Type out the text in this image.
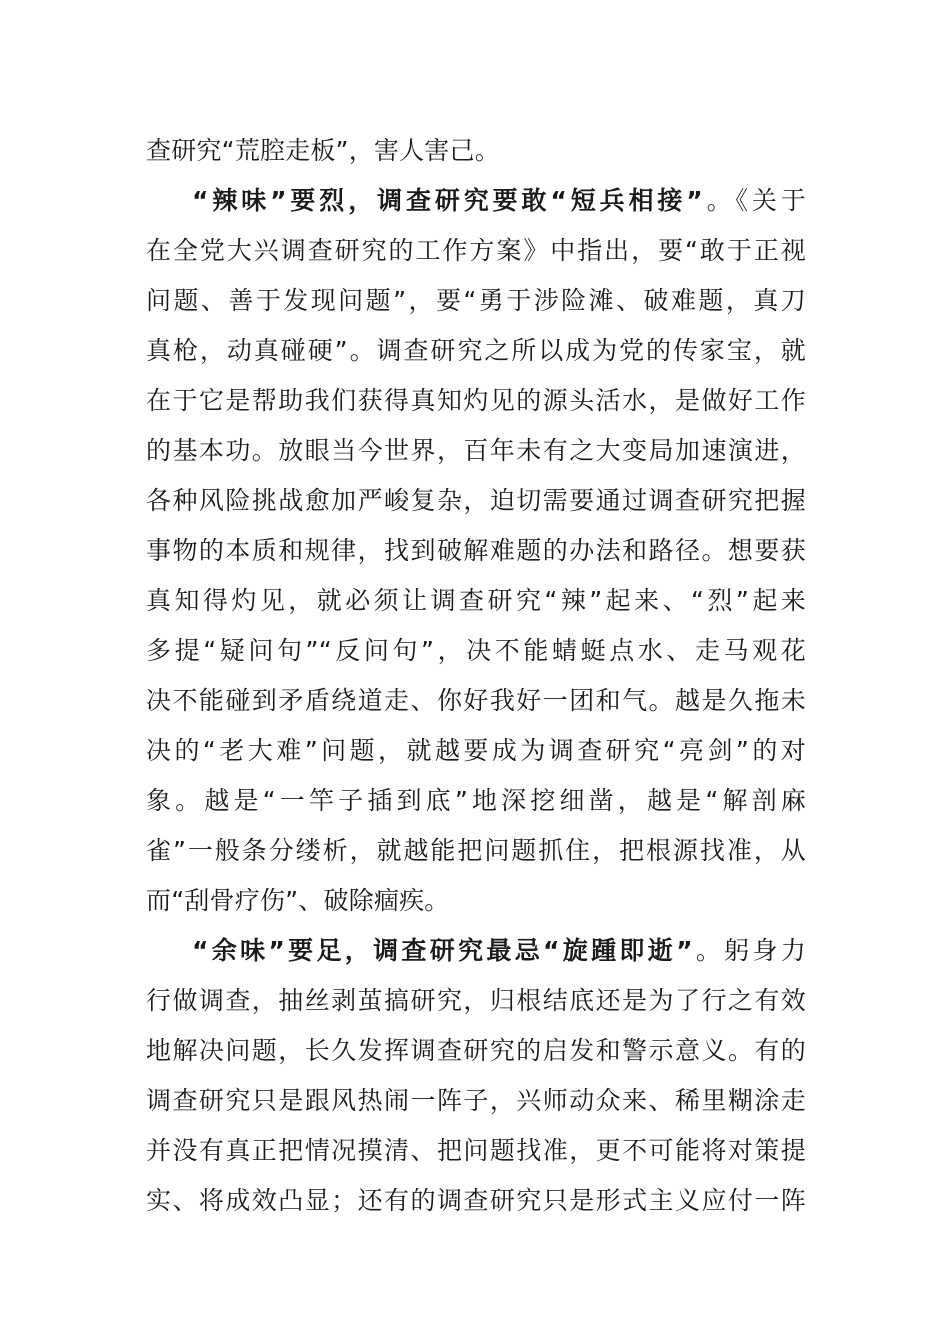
查研究“荒腔走板”，害人害己。
“辣味”要烈，调查研究要敢“短兵相接”。《关于
在全党大兴调查研究的工作方案》中指出，要“敢于正视
问题、善于发现问题”，要“勇于涉险滩、破难题，真刀
真枪，动真碰硬”。调查研究之所以成为党的传家宝，就
在于它是帮助我们获得真知灼见的源头活水，是做好工作
的基本功。放眼当今世界，百年未有之大变局加速演进，
各种风险挑战愈加严峻复杂，迫切需要通过调查研究把握
事物的本质和规律，找到破解难题的办法和路径。想要获
真知得灼见，就必须让调查研究“辣”起来、“烈”起来
多提“疑问句”“反问句”，决不能蜻蜓点水、走马观花
决不能碰到矛盾绕道走、你好我好一团和气。越是久拖未
决的“老大难”问题，就越要成为调查研究“亮剑”的对
象。越是“一竿子插到底”地深挖细凿，越是“解剖麻
雀”一般条分缕析，就越能把问题抓住，把根源找准，从
而“刮骨疗伤”、破除痼疾。
“余味”要足，调查研究最忌“旋踵即逝”。躬身力
行做调查，抽丝剥茧搞研究，归根结底还是为了行之有效
地解决问题，长久发挥调查研究的启发和警示意义。有的
调查研究只是跟风热闹一阵子，兴师动众来、稀里糊涂走
并没有真正把情况摸清、把问题找准，更不可能将对策提
实、将成效凸显；还有的调查研究只是形式主义应付一阵
